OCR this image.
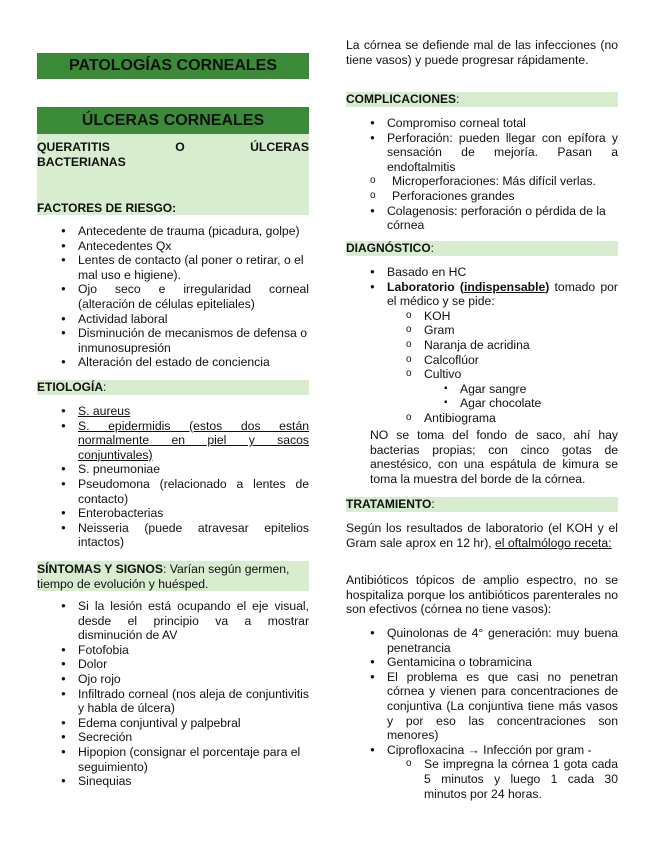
PATOLOGÍAS CORNEALES
ÚLCERAS CORNEALES
QUERATITIS	O	ÚLCERAS
BACTERIANAS
FACTORES DE RIESGO:
● Antecedente de trauma (picadura, golpe)
● Antecedentes Qx
● Lentes de contacto (al poner o retirar, o el mal uso e higiene).
● Ojo seco e irregularidad corneal (alteración de células epiteliales)
● Actividad laboral
● Disminución de mecanismos de defensa o inmunosupresión
● Alteración del estado de conciencia
ETIOLOGÍA:
● S. aureus
● S. epidermidis (estos dos están normalmente en piel y sacos conjuntivales)
● S. pneumoniae
● Pseudomona (relacionado a lentes de contacto)
● Enterobacterias
● Neisseria (puede atravesar epitelios intactos)

SÍNTOMAS Y SIGNOS: Varían según germen, tiempo de evolución y huésped.

● Si la lesión está ocupando el eje visual, desde el principio va a mostrar disminución de AV
● Fotofobia
● Dolor
● Ojo rojo
● Infiltrado corneal (nos aleja de conjuntivitis y habla de úlcera)
● Edema conjuntival y palpebral
● Secreción
● Hipopion (consignar el porcentaje para el seguimiento)
● Sinequias

La córnea se defiende mal de las infecciones (no tiene vasos) y puede progresar rápidamente.

COMPLICACIONES:
● Compromiso corneal total
● Perforación: pueden llegar con epífora y sensación de mejoría. Pasan a endoftalmitis
o Microperforaciones: Más difícil verlas.
o Perforaciones grandes
● Colagenosis: perforación o pérdida de la córnea
DIAGNÓSTICO:
● Basado en HC
● Laboratorio (indispensable) tomado por el médico y se pide:
o KOH
o Gram
o Naranja de acridina
o Calcoflúor
o Cultivo
▪ Agar sangre
▪ Agar chocolate
o Antibiograma

NO se toma del fondo de saco, ahí hay bacterias propias; con cinco gotas de anestésico, con una espátula de kimura se toma la muestra del borde de la córnea.

TRATAMIENTO:

Según los resultados de laboratorio (el KOH y el Gram sale aprox en 12 hr), el oftalmólogo receta:

Antibióticos tópicos de amplio espectro, no se hospitaliza porque los antibióticos parenterales no son efectivos (córnea no tiene vasos):

● Quinolonas de 4° generación: muy buena penetrancia
● Gentamicina o tobramicina
● El problema es que casi no penetran córnea y vienen para concentraciones de conjuntiva (La conjuntiva tiene más vasos y por eso las concentraciones son menores)
● Ciprofloxacina → Infección por gram -
o Se impregna la córnea 1 gota cada 5 minutos y luego 1 cada 30 minutos por 24 horas.
